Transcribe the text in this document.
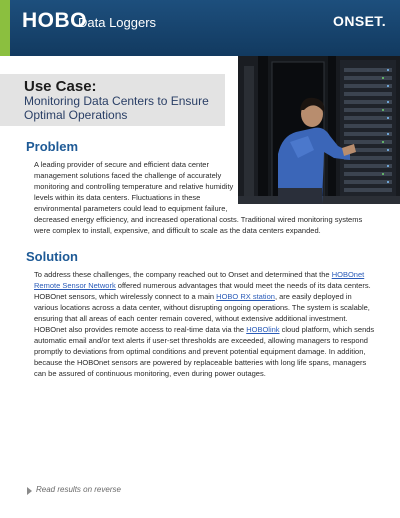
HOBO
Data Loggers	ONSET.
Use Case:
Monitoring Data Centers to Ensure Optimal Operations
Problem

A leading provider of secure and efficient data center management solutions faced the challenge of accurately monitoring and controlling temperature and relative humidity levels within its data centers. Fluctuations in these environmental parameters could lead to equipment failure,

decreased energy efficiency, and increased operational costs. Traditional wired monitoring systems were complex to install, expensive, and difficult to scale as the data centers expanded.

Solution

To address these challenges, the company reached out to Onset and determined that the HOBOnet Remote Sensor Network offered numerous advantages that would meet the needs of its data centers. HOBOnet sensors, which wirelessly connect to a main HOBO RX station, are easily deployed in various locations across a data center, without disrupting ongoing operations. The system is scalable, ensuring that all areas of each center remain covered, without extensive additional investment. HOBOnet also provides remote access to real-time data via the HOBOlink cloud platform, which sends automatic email and/or text alerts if user-set thresholds are exceeded, allowing managers to respond promptly to deviations from optimal conditions and prevent potential equipment damage. In addition, because the HOBOnet sensors are powered by replaceable batteries with long life spans, managers can be assured of continuous monitoring, even during power outages.

Read results on reverse
